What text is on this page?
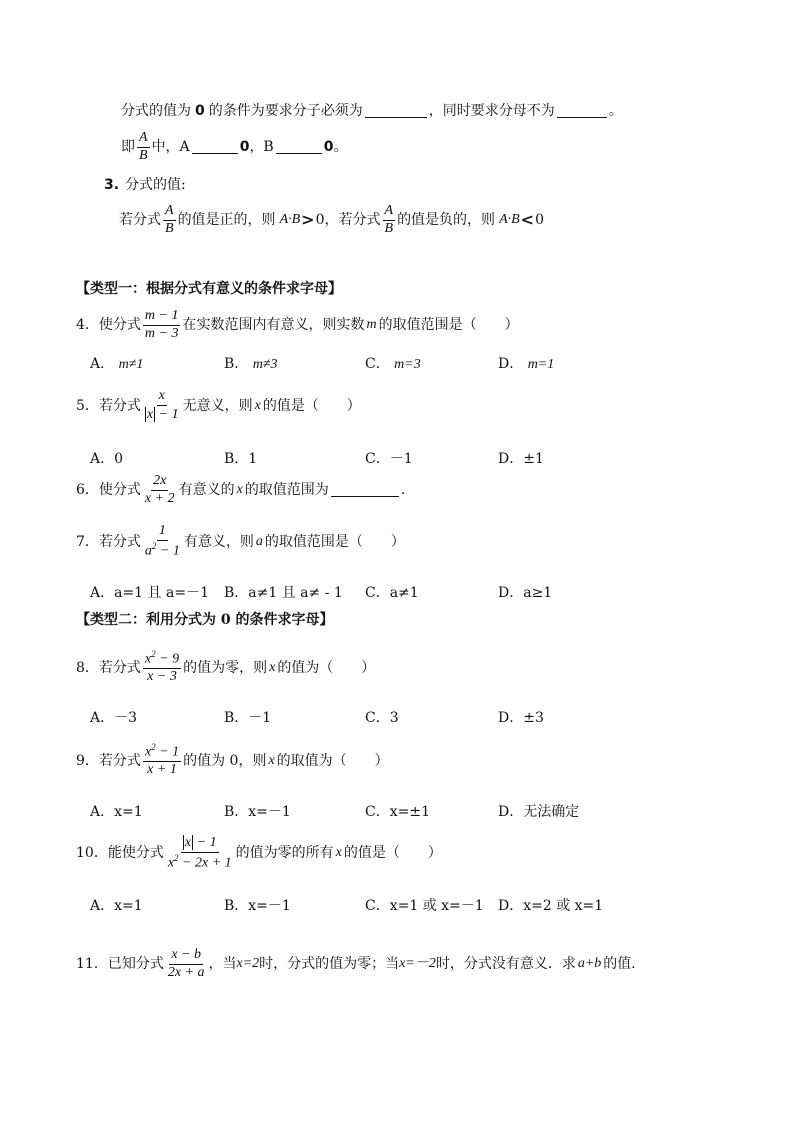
分式的值为 0 的条件为要求分子必须为	，同时要求分母不为	。
即 $\frac{A}{B}$ 中，A	0 ，B	0 。
3. 分式的值:
若分式 $\frac{A}{B}$ 的值是正的，则 A·B > 0 ，若分式 $\frac{A}{B}$ 的值是负的，则 A·B < 0
【类型一：根据分式有意义的条件求字母】
4． 使分式 $\frac{m - 1}{m - 3}$ 在实数范围内有意义，则实数 m 的取值范围是（　　）
A． m≠1	B． m≠3	C． m=3	D． m=1
5． 若分式 $\frac{x}{x - 1}$ 无意义，则 x 的值是（　　）
A．0	B．1	C．－1	D．±1
6． 使分式 $\frac{2x}{x + 2}$ 有意义的 x 的取值范围为	.
7． 若分式 $\frac{1}{a^2 - 1}$ 有意义，则 a 的取值范围是（　　）
A．a=1 且 a=－1 B．a≠1 且 a≠ - 1 C．a≠1	D．a≥1
【类型二：利用分式为 0 的条件求字母】
8． 若分式 $\frac{x^2 - 9}{x - 3}$ 的值为零，则 x 的值为（　　）
A．－3	B．－1	C．3	D．±3
9． 若分式 $\frac{x^2 - 1}{x + 1}$ 的值为 0，则 x 的取值为（　　）
A．x=1	B．x=－1	C．x=±1	D．无法确定
10． 能使分式 $\frac{x - 1}{x^2 - 2x + 1}$ 的值为零的所有 x 的值是（　　）
A．x=1	B．x=－1	C．x=1 或 x=－1 D．x=2 或 x=1
11． 已知分式 $\frac{x - b}{2x + a}$ ，当 x=2 时，分式的值为零；当 x=－2 时，分式没有意义．求 a+b 的值．
